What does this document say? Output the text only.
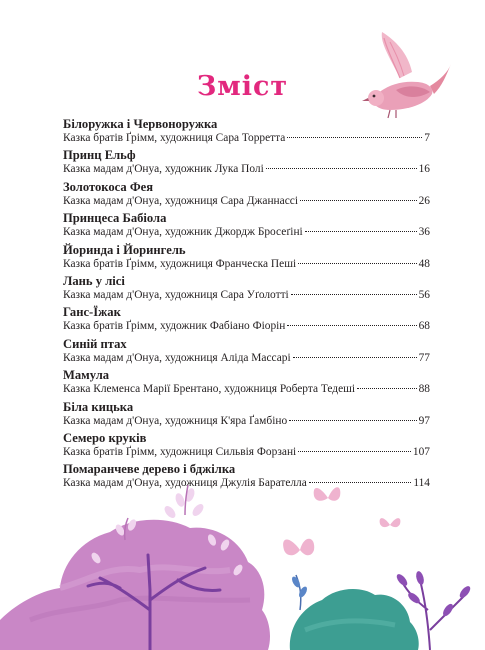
Зміст
Білоружка і Червоноружка
Казка братів Ґрімм, художниця Сара Торретта	7
Принц Ельф
Казка мадам д'Онуа, художник Лука Полі	16
Золотокоса Фея
Казка мадам д'Онуа, художниця Сара Джаннассі	26
Принцеса Бабіола
Казка мадам д'Онуа, художник Джордж Бросеґіні	36
Йоринда і Йорингель
Казка братів Ґрімм, художниця Франческа Пеші	48
Лань у лісі
Казка мадам д'Онуа, художниця Сара Уґолотті	56
Ганс-Їжак
Казка братів Ґрімм, художник Фабіано Фіорін	68
Синій птах
Казка мадам д'Онуа, художниця Аліда Массарі	77
Мамула
Казка Клеменса Марії Брентано, художниця Роберта Тедеші	88
Біла кицька
Казка мадам д'Онуа, художниця К'яра Ґамбіно	97
Семеро круків
Казка братів Ґрімм, художниця Сильвія Форзані	107
Помаранчеве дерево і бджілка
Казка мадам д'Онуа, художниця Джулія Барателла	114
